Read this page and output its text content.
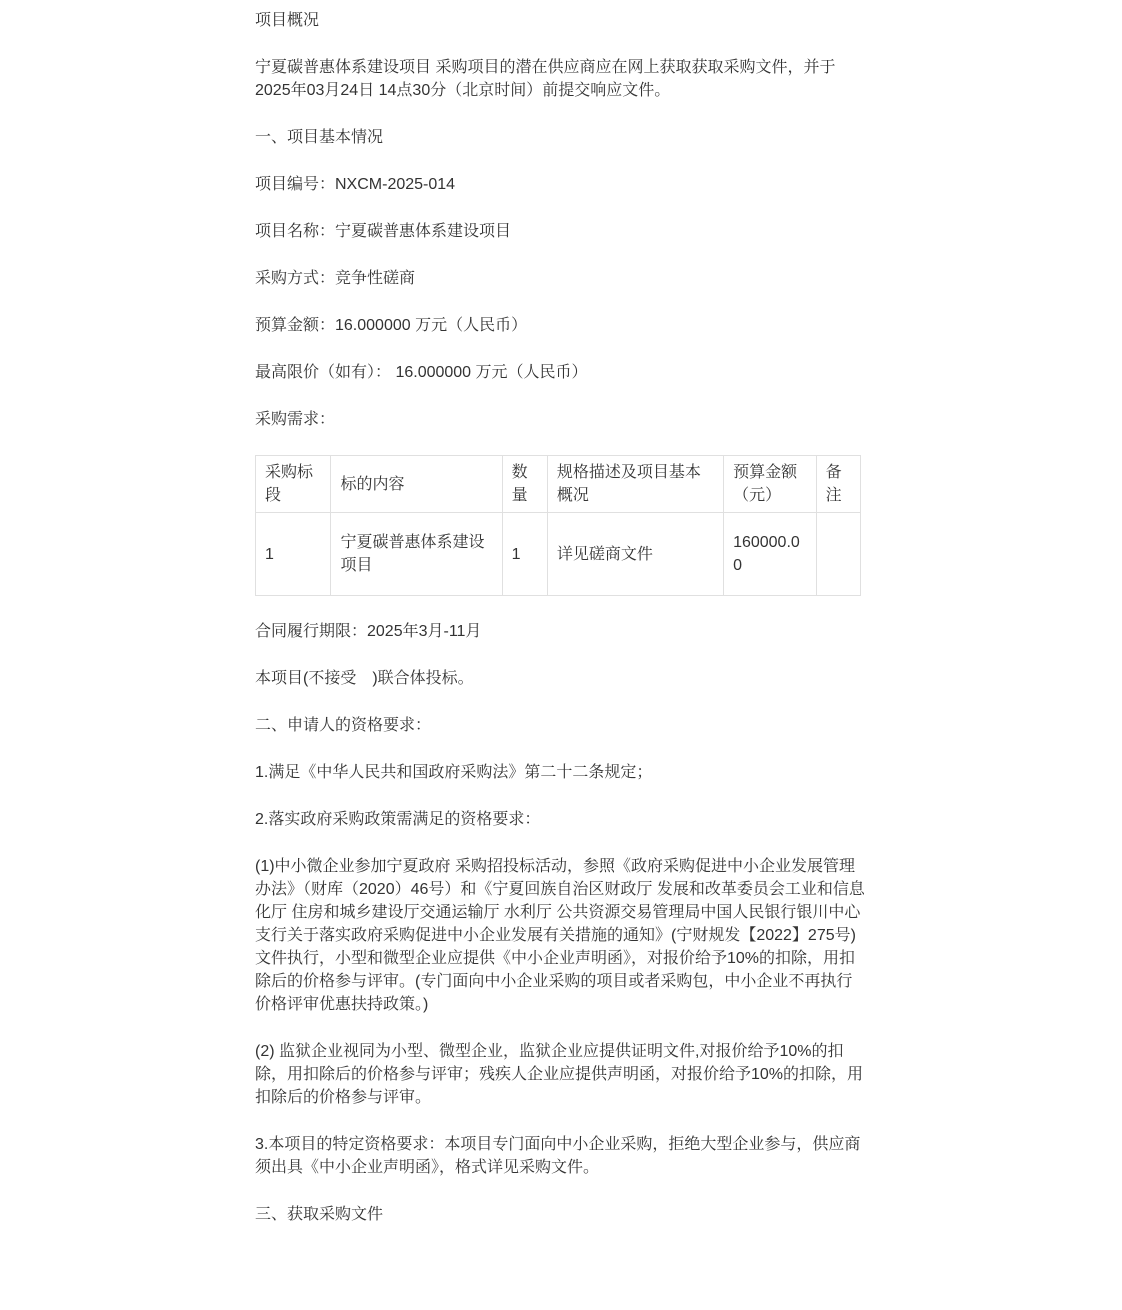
项目概况

宁夏碳普惠体系建设项目 采购项目的潜在供应商应在网上获取获取采购文件，并于2025年03月24日 14点30分（北京时间）前提交响应文件。

一、项目基本情况

项目编号：NXCM-2025-014

项目名称：宁夏碳普惠体系建设项目

采购方式：竞争性磋商

预算金额：16.000000 万元（人民币）

最高限价（如有）： 16.000000 万元（人民币）

采购需求：

采购标段	标的内容	数量	规格描述及项目基本概况	预算金额（元）	备注
1	宁夏碳普惠体系建设项目	1	详见磋商文件	160000.00	

合同履行期限：2025年3月-11月

本项目(不接受　)联合体投标。

二、申请人的资格要求：

1.满足《中华人民共和国政府采购法》第二十二条规定；

2.落实政府采购政策需满足的资格要求：

(1)中小微企业参加宁夏政府 采购招投标活动，参照《政府采购促进中小企业发展管理办法》（财库（2020）46号）和《宁夏回族自治区财政厅 发展和改革委员会工业和信息化厅 住房和城乡建设厅交通运输厅 水利厅 公共资源交易管理局中国人民银行银川中心支行关于落实政府采购促进中小企业发展有关措施的通知》(宁财规发【2022】275号)文件执行，小型和微型企业应提供《中小企业声明函》，对报价给予10%的扣除，用扣除后的价格参与评审。(专门面向中小企业采购的项目或者采购包，中小企业不再执行价格评审优惠扶持政策。)

(2) 监狱企业视同为小型、微型企业，监狱企业应提供证明文件,对报价给予10%的扣除，用扣除后的价格参与评审；残疾人企业应提供声明函，对报价给予10%的扣除，用扣除后的价格参与评审。

3.本项目的特定资格要求：本项目专门面向中小企业采购，拒绝大型企业参与，供应商须出具《中小企业声明函》，格式详见采购文件。

三、获取采购文件
